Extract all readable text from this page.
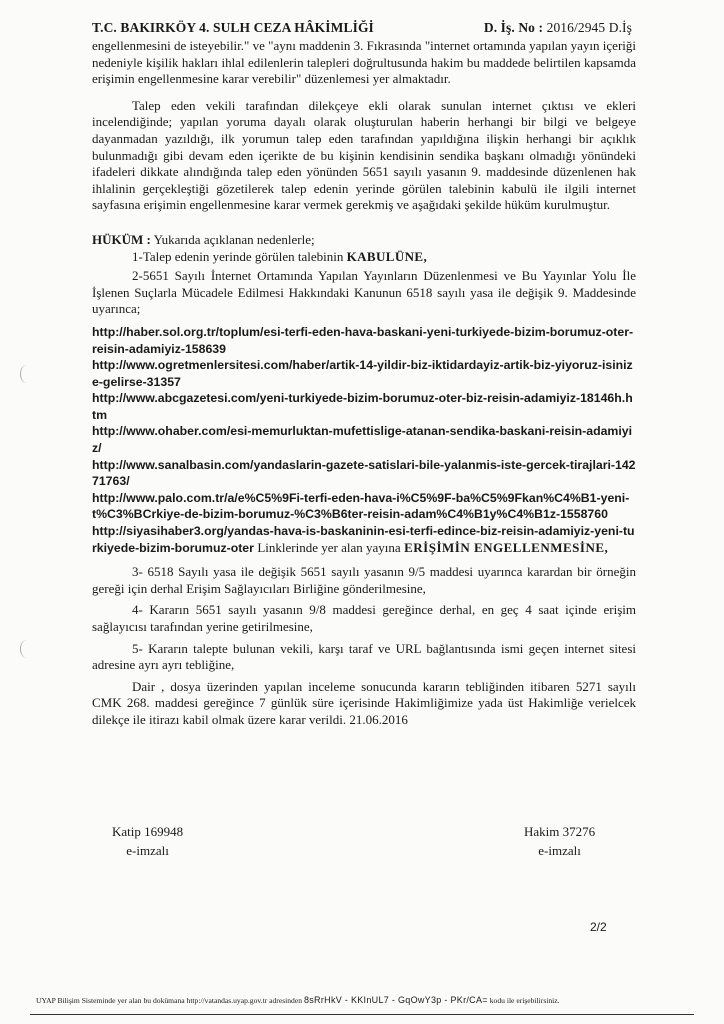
T.C. BAKIRKÖY 4. SULH CEZA HÂKİMLİĞİ	D. İş. No : 2016/2945 D.İş

engellenmesini de isteyebilir." ve "aynı maddenin 3. Fıkrasında "internet ortamında yapılan yayın içeriği nedeniyle kişilik hakları ihlal edilenlerin talepleri doğrultusunda hakim bu maddede belirtilen kapsamda erişimin engellenmesine karar verebilir" düzenlemesi yer almaktadır.

Talep eden vekili tarafından dilekçeye ekli olarak sunulan internet çıktısı ve ekleri incelendiğinde; yapılan yoruma dayalı olarak oluşturulan haberin herhangi bir bilgi ve belgeye dayanmadan yazıldığı, ilk yorumun talep eden tarafından yapıldığına ilişkin herhangi bir açıklık bulunmadığı gibi devam eden içerikte de bu kişinin kendisinin sendika başkanı olmadığı yönündeki ifadeleri dikkate alındığında talep eden yönünden 5651 sayılı yasanın 9. maddesinde düzenlenen hak ihlalinin gerçekleştiği gözetilerek talep edenin yerinde görülen talebinin kabulü ile ilgili internet sayfasına erişimin engellenmesine karar vermek gerekmiş ve aşağıdaki şekilde hüküm kurulmuştur.

HÜKÜM : Yukarıda açıklanan nedenlerle;

1-Talep edenin yerinde görülen talebinin KABULÜNE,

2-5651 Sayılı İnternet Ortamında Yapılan Yayınların Düzenlenmesi ve Bu Yayınlar Yolu İle İşlenen Suçlarla Mücadele Edilmesi Hakkındaki Kanunun 6518 sayılı yasa ile değişik 9. Maddesinde uyarınca;

http://haber.sol.org.tr/toplum/esi-terfi-eden-hava-baskani-yeni-turkiyede-bizim-borumuz-oter-reisin-adamiyiz-158639

http://www.ogretmenlersitesi.com/haber/artik-14-yildir-biz-iktidardayiz-artik-biz-yiyoruz-isinize-gelirse-31357

http://www.abcgazetesi.com/yeni-turkiyede-bizim-borumuz-oter-biz-reisin-adamiyiz-18146h.htm

http://www.ohaber.com/esi-memurluktan-mufettislige-atanan-sendika-baskani-reisin-adamiyiz/

http://www.sanalbasin.com/yandaslarin-gazete-satislari-bile-yalanmis-iste-gercek-tirajlari-14271763/

http://www.palo.com.tr/a/e%C5%9Fi-terfi-eden-hava-i%C5%9F-ba%C5%9Fkan%C4%B1-yeni-t%C3%BCrkiye-de-bizim-borumuz-%C3%B6ter-reisin-adam%C4%B1y%C4%B1z-1558760

http://siyasihaber3.org/yandas-hava-is-baskaninin-esi-terfi-edince-biz-reisin-adamiyiz-yeni-turkiyede-bizim-borumuz-oter Linklerinde yer alan yayına ERİŞİMİN ENGELLENMESİNE,

3- 6518 Sayılı yasa ile değişik 5651 sayılı yasanın 9/5 maddesi uyarınca karardan bir örneğin gereği için derhal Erişim Sağlayıcıları Birliğine gönderilmesine,

4- Kararın 5651 sayılı yasanın 9/8 maddesi gereğince derhal, en geç 4 saat içinde erişim sağlayıcısı tarafından yerine getirilmesine,

5- Kararın talepte bulunan vekili, karşı taraf ve URL bağlantısında ismi geçen internet sitesi adresine ayrı ayrı tebliğine,

Dair , dosya üzerinden yapılan inceleme sonucunda kararın tebliğinden itibaren 5271 sayılı CMK 268. maddesi gereğince 7 günlük süre içerisinde Hakimliğimize yada üst Hakimliğe verielcek dilekçe ile itirazı kabil olmak üzere karar verildi. 21.06.2016

Katip 169948
e-imzalı
Hakim 37276
e-imzalı
2/2
UYAP Bilişim Sisteminde yer alan bu dokümana http://vatandas.uyap.gov.tr adresinden 8sRrHkV - KKInUL7 - GqOwY3p - PKr/CA= kodu ile erişebilirsiniz.
